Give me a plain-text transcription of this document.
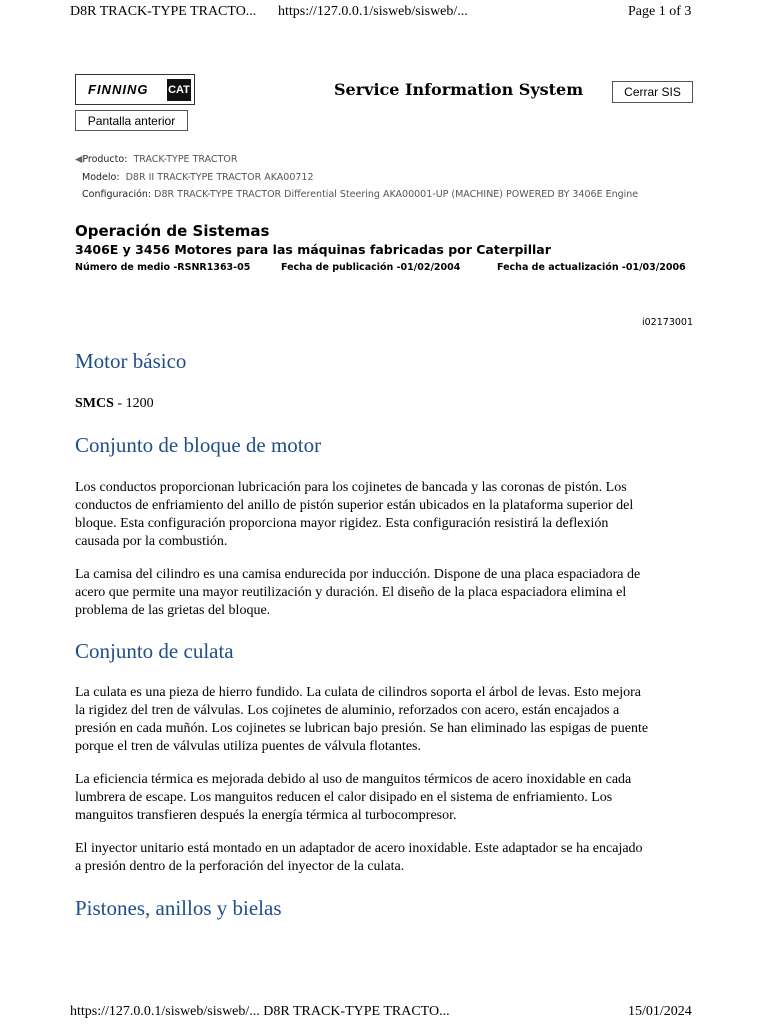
D8R TRACK-TYPE TRACTO... https://127.0.0.1/sisweb/sisweb/...	Page 1 of 3
FINNING CAT	Service Information System	Cerrar SIS
Pantalla anterior
◀Producto: TRACK-TYPE TRACTOR
Modelo: D8R II TRACK-TYPE TRACTOR AKA00712
Configuración: D8R TRACK-TYPE TRACTOR Differential Steering AKA00001-UP (MACHINE) POWERED BY 3406E Engine
Operación de Sistemas
3406E y 3456 Motores para las máquinas fabricadas por Caterpillar
Número de medio -RSNR1363-05	Fecha de publicación -01/02/2004	Fecha de actualización -01/03/2006
i02173001
Motor básico
SMCS - 1200
Conjunto de bloque de motor

Los conductos proporcionan lubricación para los cojinetes de bancada y las coronas de pistón. Los
conductos de enfriamiento del anillo de pistón superior están ubicados en la plataforma superior del
bloque. Esta configuración proporciona mayor rigidez. Esta configuración resistirá la deflexión
causada por la combustión.

La camisa del cilindro es una camisa endurecida por inducción. Dispone de una placa espaciadora de
acero que permite una mayor reutilización y duración. El diseño de la placa espaciadora elimina el
problema de las grietas del bloque.

Conjunto de culata

La culata es una pieza de hierro fundido. La culata de cilindros soporta el árbol de levas. Esto mejora
la rigidez del tren de válvulas. Los cojinetes de aluminio, reforzados con acero, están encajados a
presión en cada muñón. Los cojinetes se lubrican bajo presión. Se han eliminado las espigas de puente
porque el tren de válvulas utiliza puentes de válvula flotantes.

La eficiencia térmica es mejorada debido al uso de manguitos térmicos de acero inoxidable en cada
lumbrera de escape. Los manguitos reducen el calor disipado en el sistema de enfriamiento. Los
manguitos transfieren después la energía térmica al turbocompresor.

El inyector unitario está montado en un adaptador de acero inoxidable. Este adaptador se ha encajado
a presión dentro de la perforación del inyector de la culata.

Pistones, anillos y bielas
https://127.0.0.1/sisweb/sisweb/... D8R TRACK-TYPE TRACTO...	15/01/2024
